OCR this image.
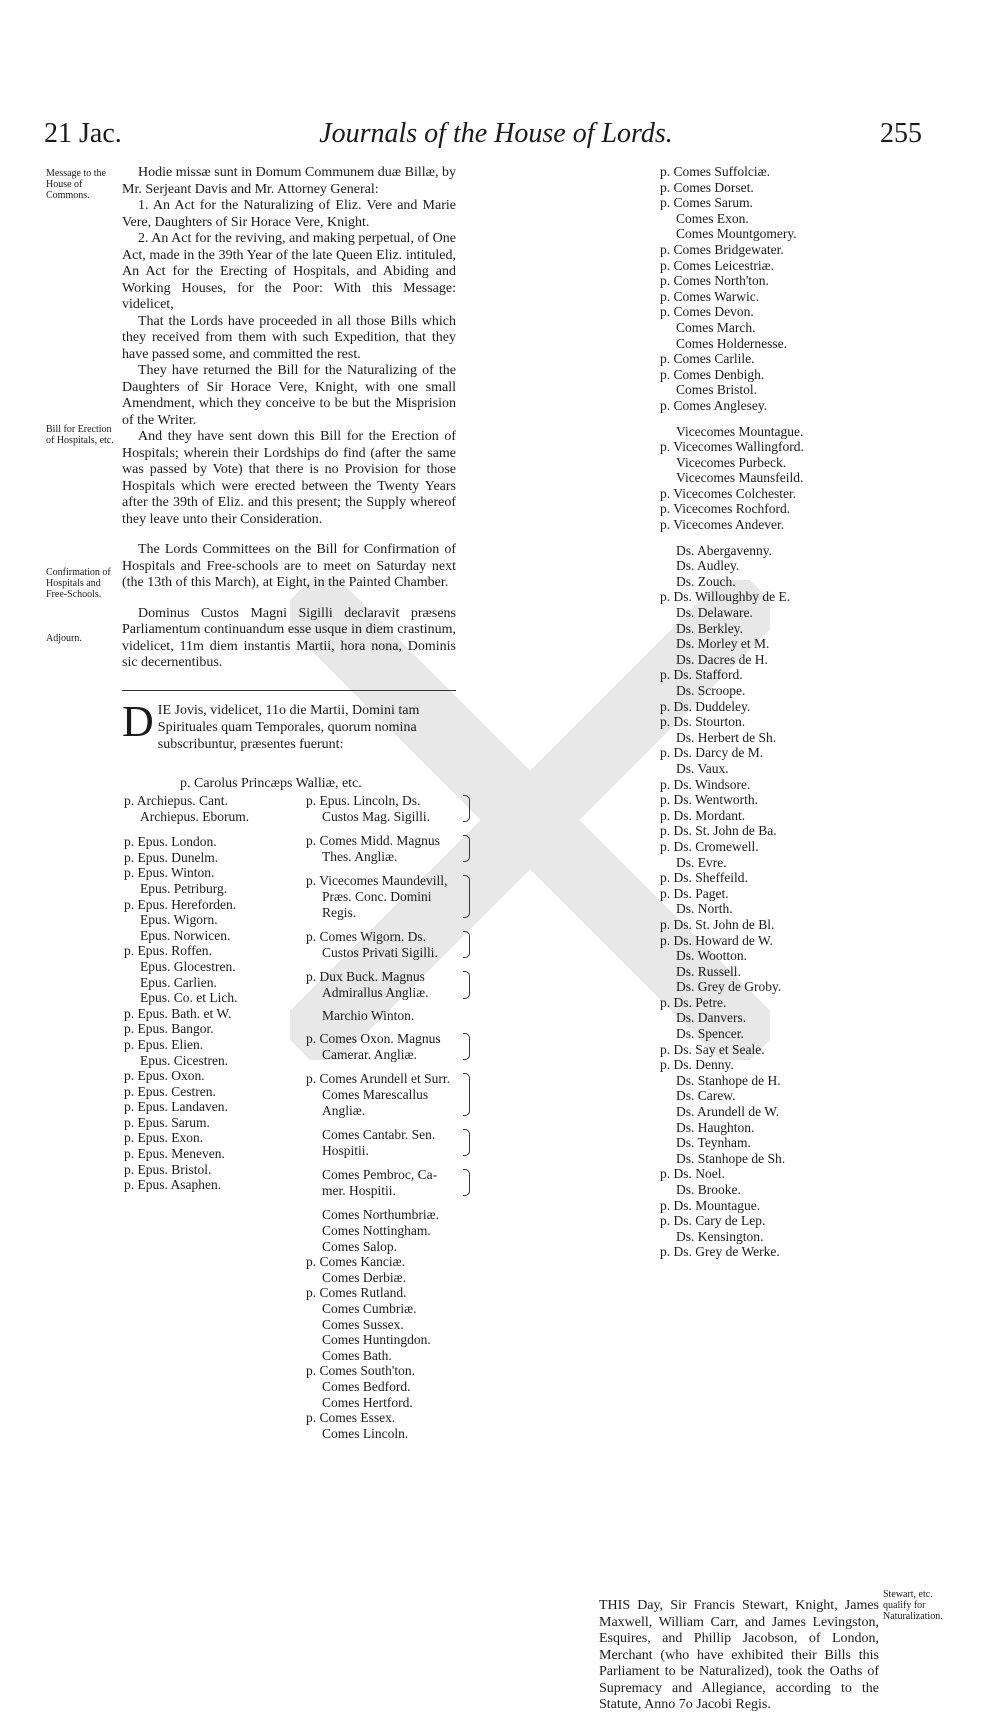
21 Jac.	Journals of the House of Lords.	255
Message to the House of Commons.
Bill for Erection of Hospitals, etc.
Confirmation of Hospitals and Free-Schools.
Adjourn.
Stewart, etc. qualify for Naturalization.

Hodie missæ sunt in Domum Communem duæ Billæ, by Mr. Serjeant Davis and Mr. Attorney General:

1. An Act for the Naturalizing of Eliz. Vere and Marie Vere, Daughters of Sir Horace Vere, Knight.

2. An Act for the reviving, and making perpetual, of One Act, made in the 39th Year of the late Queen Eliz. intituled, An Act for the Erecting of Hospitals, and Abiding and Working Houses, for the Poor: With this Message: videlicet,

That the Lords have proceeded in all those Bills which they received from them with such Expedition, that they have passed some, and committed the rest.

They have returned the Bill for the Naturalizing of the Daughters of Sir Horace Vere, Knight, with one small Amendment, which they conceive to be but the Misprision of the Writer.

And they have sent down this Bill for the Erection of Hospitals; wherein their Lordships do find (after the same was passed by Vote) that there is no Provision for those Hospitals which were erected between the Twenty Years after the 39th of Eliz. and this present; the Supply whereof they leave unto their Consideration.

The Lords Committees on the Bill for Confirmation of Hospitals and Free-schools are to meet on Saturday next (the 13th of this March), at Eight, in the Painted Chamber.

Dominus Custos Magni Sigilli declaravit præsens Parliamentum continuandum esse usque in diem crastinum, videlicet, 11m diem instantis Martii, hora nona, Dominis sic decernentibus.

D IE Jovis, videlicet, 11o die Martii, Domini tam Spirituales quam Temporales, quorum nomina subscribuntur, præsentes fuerunt:
p. Carolus Princæps Walliæ, etc.
p. Archiepus. Cant.
Archiepus. Eborum.
p. Epus. London.
p. Epus. Dunelm.
p. Epus. Winton.
Epus. Petriburg.
p. Epus. Hereforden.
Epus. Wigorn.
Epus. Norwicen.
p. Epus. Roffen.
Epus. Glocestren.
Epus. Carlien.
Epus. Co. et Lich.
p. Epus. Bath. et W.
p. Epus. Bangor.
p. Epus. Elien.
Epus. Cicestren.
p. Epus. Oxon.
p. Epus. Cestren.
p. Epus. Landaven.
p. Epus. Sarum.
p. Epus. Exon.
p. Epus. Meneven.
p. Epus. Bristol.
p. Epus. Asaphen.
p. Epus. Lincoln, Ds.
Custos Mag. Sigilli.
p. Comes Midd. Magnus
Thes. Angliæ.
p. Vicecomes Maundevill,
Præs. Conc. Domini
Regis.
p. Comes Wigorn. Ds.
Custos Privati Sigilli.
p. Dux Buck. Magnus
Admirallus Angliæ.
Marchio Winton.
p. Comes Oxon. Magnus
Camerar. Angliæ.
p. Comes Arundell et Surr.
Comes Marescallus
Angliæ.
Comes Cantabr. Sen.
Hospitii.
Comes Pembroc, Ca-
mer. Hospitii.
Comes Northumbriæ.
Comes Nottingham.
Comes Salop.
p. Comes Kanciæ.
Comes Derbiæ.
p. Comes Rutland.
Comes Cumbriæ.
Comes Sussex.
Comes Huntingdon.
Comes Bath.
p. Comes South'ton.
Comes Bedford.
Comes Hertford.
p. Comes Essex.
Comes Lincoln.
p. Comes Suffolciæ.
p. Comes Dorset.
p. Comes Sarum.
Comes Exon.
Comes Mountgomery.
p. Comes Bridgewater.
p. Comes Leicestriæ.
p. Comes North'ton.
p. Comes Warwic.
p. Comes Devon.
Comes March.
Comes Holdernesse.
p. Comes Carlile.
p. Comes Denbigh.
Comes Bristol.
p. Comes Anglesey.
Vicecomes Mountague.
p. Vicecomes Wallingford.
Vicecomes Purbeck.
Vicecomes Maunsfeild.
p. Vicecomes Colchester.
p. Vicecomes Rochford.
p. Vicecomes Andever.
Ds. Abergavenny.
Ds. Audley.
Ds. Zouch.
p. Ds. Willoughby de E.
Ds. Delaware.
Ds. Berkley.
Ds. Morley et M.
Ds. Dacres de H.
p. Ds. Stafford.
Ds. Scroope.
p. Ds. Duddeley.
p. Ds. Stourton.
Ds. Herbert de Sh.
p. Ds. Darcy de M.
Ds. Vaux.
p. Ds. Windsore.
p. Ds. Wentworth.
p. Ds. Mordant.
p. Ds. St. John de Ba.
p. Ds. Cromewell.
Ds. Evre.
p. Ds. Sheffeild.
p. Ds. Paget.
Ds. North.
p. Ds. St. John de Bl.
p. Ds. Howard de W.
Ds. Wootton.
Ds. Russell.
Ds. Grey de Groby.
p. Ds. Petre.
Ds. Danvers.
Ds. Spencer.
p. Ds. Say et Seale.
p. Ds. Denny.
Ds. Stanhope de H.
Ds. Carew.
Ds. Arundell de W.
Ds. Haughton.
Ds. Teynham.
Ds. Stanhope de Sh.
p. Ds. Noel.
Ds. Brooke.
p. Ds. Mountague.
p. Ds. Cary de Lep.
Ds. Kensington.
p. Ds. Grey de Werke.
THIS Day, Sir Francis Stewart, Knight, James Maxwell, William Carr, and James Levingston, Esquires, and Phillip Jacobson, of London, Merchant (who have exhibited their Bills this Parliament to be Naturalized), took the Oaths of Supremacy and Allegiance, according to the Statute, Anno 7o Jacobi Regis.
